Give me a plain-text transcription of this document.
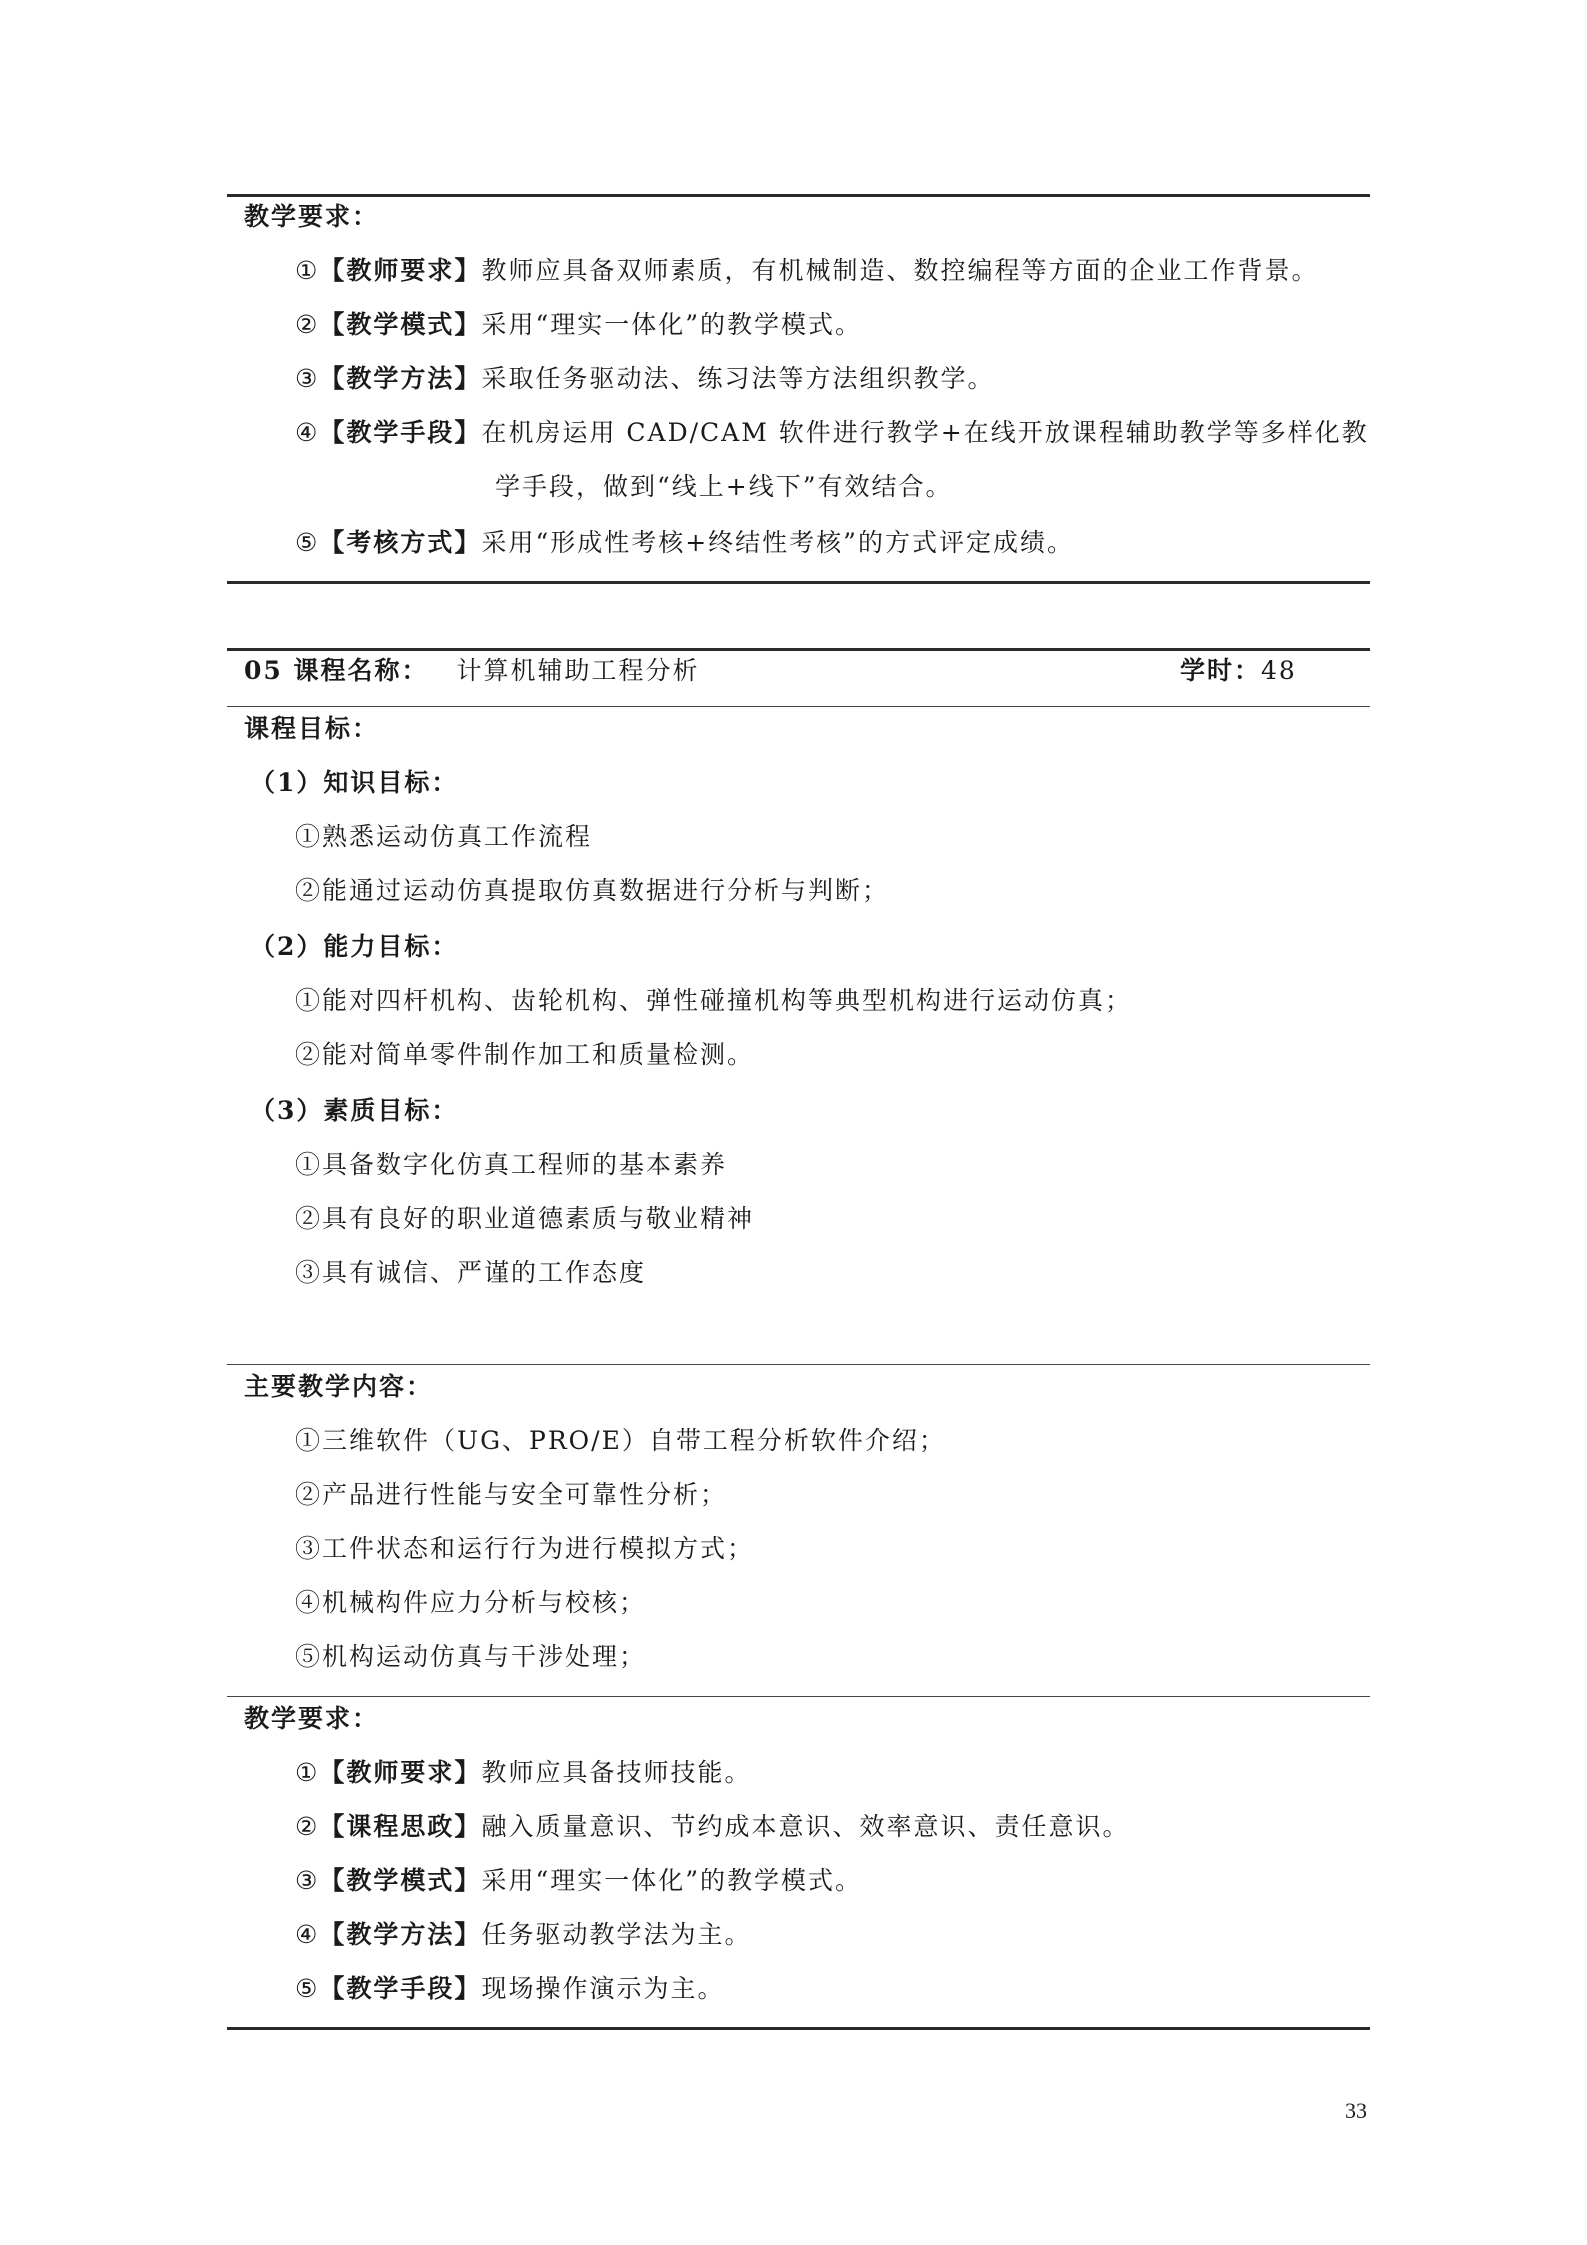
教学要求：
①【教师要求】教师应具备双师素质，有机械制造、数控编程等方面的企业工作背景。
②【教学模式】采用“理实一体化”的教学模式。
③【教学方法】采取任务驱动法、练习法等方法组织教学。
④【教学手段】在机房运用 CAD/CAM 软件进行教学+在线开放课程辅助教学等多样化教
学手段，做到“线上+线下”有效结合。
⑤【考核方式】采用“形成性考核+终结性考核”的方式评定成绩。
05 课程名称： 计算机辅助工程分析	学时：48
课程目标：
（1）知识目标：
①熟悉运动仿真工作流程
②能通过运动仿真提取仿真数据进行分析与判断；
（2）能力目标：
①能对四杆机构、齿轮机构、弹性碰撞机构等典型机构进行运动仿真；
②能对简单零件制作加工和质量检测。
（3）素质目标：
①具备数字化仿真工程师的基本素养
②具有良好的职业道德素质与敬业精神
③具有诚信、严谨的工作态度
主要教学内容：
①三维软件（UG、PRO/E）自带工程分析软件介绍；
②产品进行性能与安全可靠性分析；
③工件状态和运行行为进行模拟方式；
④机械构件应力分析与校核；
⑤机构运动仿真与干涉处理；
教学要求：
①【教师要求】教师应具备技师技能。
②【课程思政】融入质量意识、节约成本意识、效率意识、责任意识。
③【教学模式】采用“理实一体化”的教学模式。
④【教学方法】任务驱动教学法为主。
⑤【教学手段】现场操作演示为主。
33
